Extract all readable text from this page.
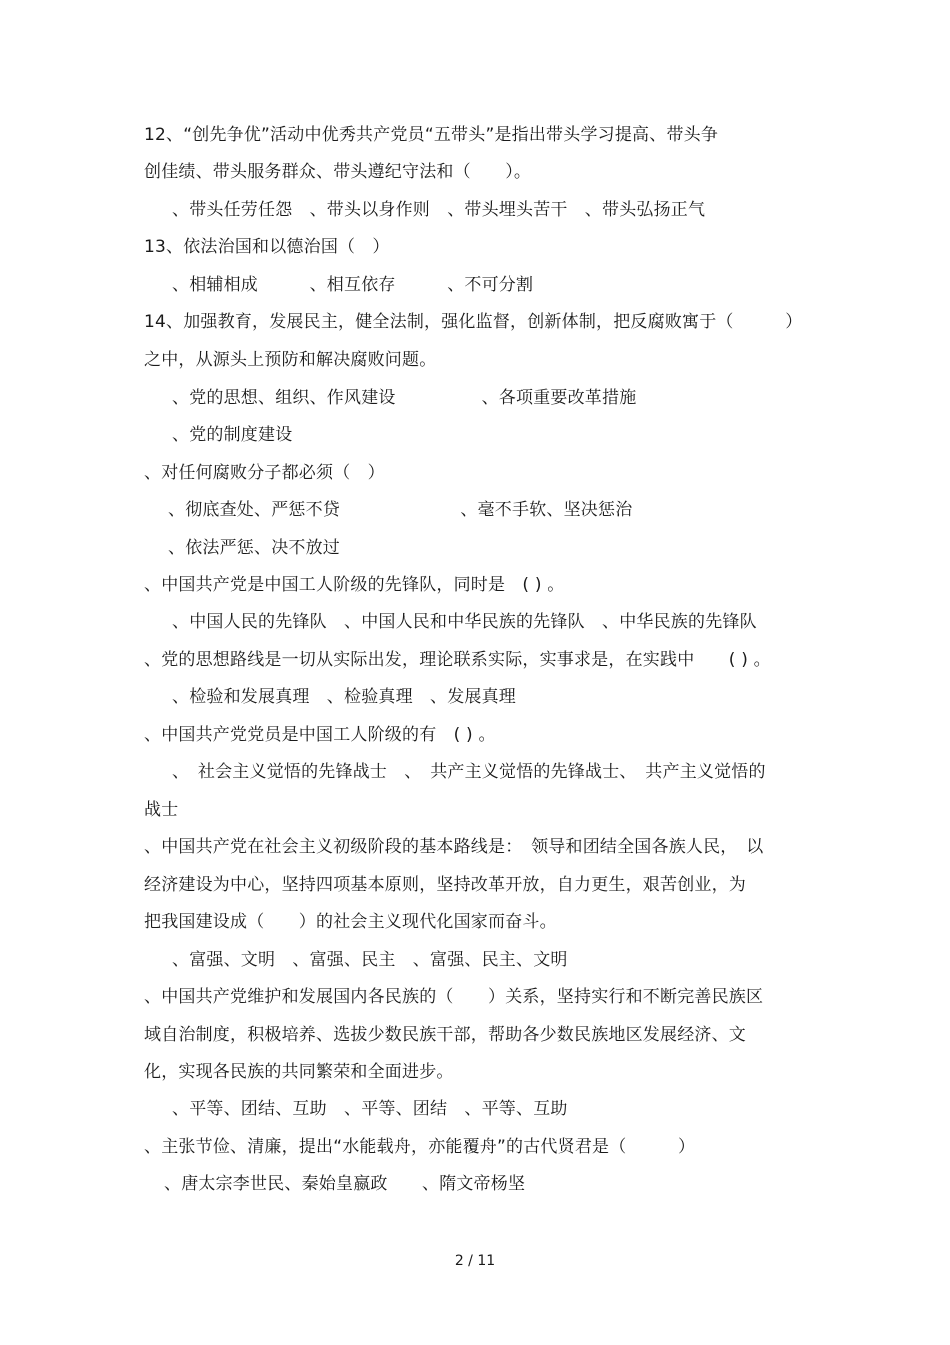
12、“创先争优”活动中优秀共产党员“五带头”是指出带头学习提高、带头争
创佳绩、带头服务群众、带头遵纪守法和（　　）。
、带头任劳任怨　、带头以身作则　、带头埋头苦干　、带头弘扬正气
13、依法治国和以德治国（　）
、相辅相成　　　、相互依存　　　、不可分割
14、加强教育，发展民主，健全法制，强化监督，创新体制，把反腐败寓于（　　　）
之中，从源头上预防和解决腐败问题。
、党的思想、组织、作风建设　　　　　、各项重要改革措施
、党的制度建设
、对任何腐败分子都必须（　）
、彻底查处、严惩不贷　　　　　　　、毫不手软、坚决惩治
、依法严惩、决不放过
、中国共产党是中国工人阶级的先锋队，同时是　( ) 。
、中国人民的先锋队　、中国人民和中华民族的先锋队　、中华民族的先锋队
、党的思想路线是一切从实际出发，理论联系实际，实事求是，在实践中　　( ) 。
、检验和发展真理　、检验真理　、发展真理
、中国共产党党员是中国工人阶级的有　( ) 。
、　社会主义觉悟的先锋战士　、　共产主义觉悟的先锋战士、　共产主义觉悟的
战士
、中国共产党在社会主义初级阶段的基本路线是：　领导和团结全国各族人民，　以
经济建设为中心，坚持四项基本原则，坚持改革开放，自力更生，艰苦创业，为
把我国建设成（　　）的社会主义现代化国家而奋斗。
、富强、文明　、富强、民主　、富强、民主、文明
、中国共产党维护和发展国内各民族的（　　）关系，坚持实行和不断完善民族区
域自治制度，积极培养、选拔少数民族干部，帮助各少数民族地区发展经济、文
化，实现各民族的共同繁荣和全面进步。
、平等、团结、互助　、平等、团结　、平等、互助
、主张节俭、清廉，提出“水能载舟，亦能覆舟”的古代贤君是（　　　）
、唐太宗李世民、秦始皇嬴政　　、隋文帝杨坚
2 / 11
